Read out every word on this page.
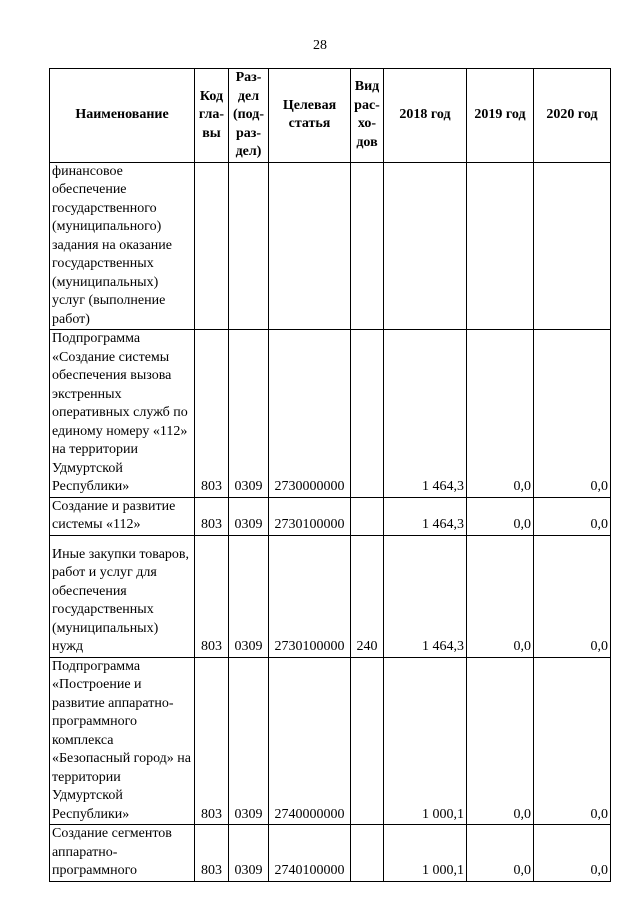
28
Наименование	Код гла-вы	Раз-дел (под-раз-дел)	Целевая статья	Вид рас-хо-дов	2018 год	2019 год	2020 год
финансовое обеспечение государственного (муниципального) задания на оказание государственных (муниципальных) услуг (выполнение работ)							
Подпрограмма «Создание системы обеспечения вызова экстренных оперативных служб по единому номеру «112» на территории Удмуртской Республики»	803	0309	2730000000		1 464,3	0,0	0,0
Создание и развитие системы «112»	803	0309	2730100000		1 464,3	0,0	0,0
Иные закупки товаров, работ и услуг для обеспечения государственных (муниципальных) нужд	803	0309	2730100000	240	1 464,3	0,0	0,0
Подпрограмма «Построение и развитие аппаратно-программного комплекса «Безопасный город» на территории Удмуртской Республики»	803	0309	2740000000		1 000,1	0,0	0,0
Создание сегментов аппаратно-программного	803	0309	2740100000		1 000,1	0,0	0,0
